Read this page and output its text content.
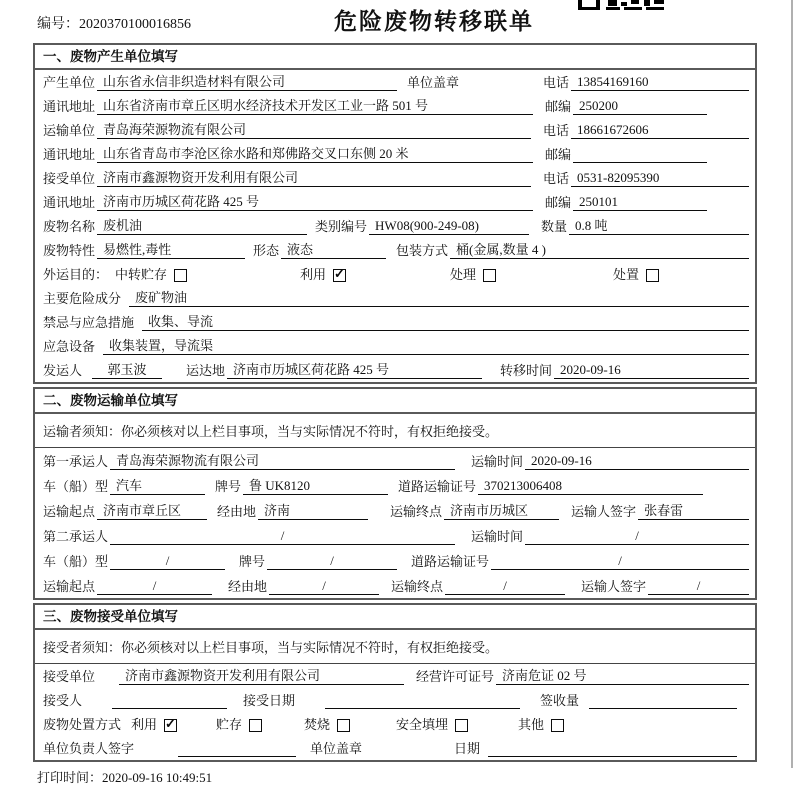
编号：2020370100016856	危险废物转移联单
一、废物产生单位填写
产生单位 山东省永信非织造材料有限公司	单位盖章	电话 13854169160
通讯地址 山东省济南市章丘区明水经济技术开发区工业一路 501 号	邮编 250200
运输单位 青岛海荣源物流有限公司	电话 18661672606
通讯地址 山东省青岛市李沧区徐水路和郑佛路交叉口东侧 20 米	邮编
接受单位 济南市鑫源物资开发利用有限公司	电话 0531-82095390
通讯地址 济南市历城区荷花路 425 号	邮编 250101
废物名称 废机油	类别编号 HW08(900-249-08)	数量 0.8 吨
废物特性 易燃性,毒性	形态 液态	包装方式 桶(金属,数量 4 )
外运目的： 中转贮存	利用 ✓	处理	处置
主要危险成分	废矿物油
禁忌与应急措施	收集、导流
应急设备	收集装置，导流渠
发运人	郭玉波	运达地 济南市历城区荷花路 425 号	转移时间 2020-09-16
二、废物运输单位填写
运输者须知：你必须核对以上栏目事项，当与实际情况不符时，有权拒绝接受。
第一承运人 青岛海荣源物流有限公司	运输时间 2020-09-16
车（船）型 汽车	牌号 鲁 UK8120	道路运输证号 370213006408
运输起点 济南市章丘区	经由地 济南	运输终点 济南市历城区	运输人签字 张春雷
第二承运人	/	运输时间	/
车（船）型	/	牌号	/	道路运输证号	/
运输起点	/	经由地	/	运输终点	/	运输人签字	/
三、废物接受单位填写
接受者须知：你必须核对以上栏目事项，当与实际情况不符时，有权拒绝接受。
接受单位	济南市鑫源物资开发利用有限公司	经营许可证号 济南危证 02 号
接受人	接受日期	签收量
废物处置方式 利用 ✓	贮存	焚烧	安全填埋	其他
单位负责人签字	单位盖章	日期
打印时间：2020-09-16 10:49:51
